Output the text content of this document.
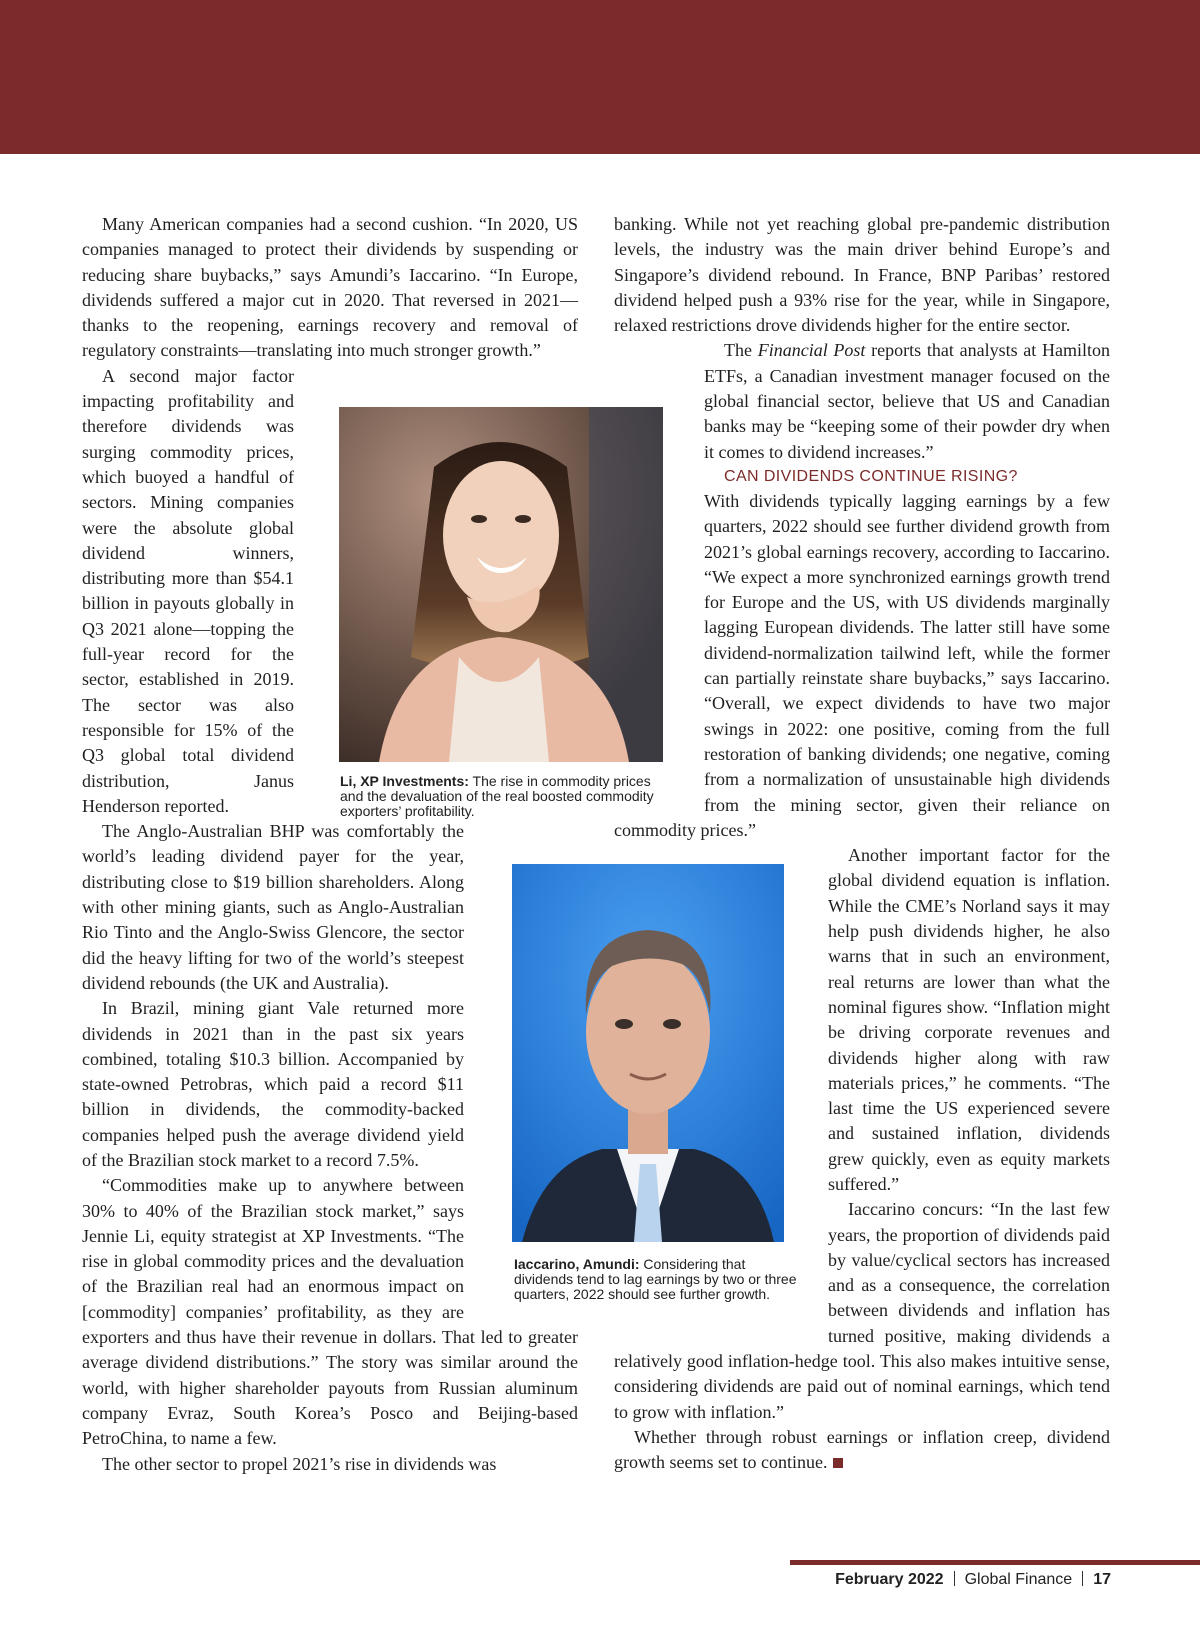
Many American companies had a second cushion. “In 2020, US companies managed to protect their dividends by suspending or reducing share buybacks,” says Amundi’s Iaccarino. “In Europe, dividends suffered a major cut in 2020. That reversed in 2021—thanks to the reopening, earnings recovery and removal of regulatory constraints—translating into much stronger growth.”

A second major factor impacting profitability and therefore dividends was surging commodity prices, which buoyed a handful of sectors. Mining companies were the absolute global dividend winners, distributing more than $54.1 billion in payouts globally in Q3 2021 alone—topping the full-year record for the sector, established in 2019. The sector was also responsible for 15% of the Q3 global total dividend distribution, Janus Henderson reported.

The Anglo-Australian BHP was comfortably the world’s leading dividend payer for the year, distributing close to $19 billion shareholders. Along with other mining giants, such as Anglo-Australian Rio Tinto and the Anglo-Swiss Glencore, the sector did the heavy lifting for two of the world’s steepest dividend rebounds (the UK and Australia).

In Brazil, mining giant Vale returned more dividends in 2021 than in the past six years combined, totaling $10.3 billion. Accompanied by state-owned Petrobras, which paid a record $11 billion in dividends, the commodity-backed companies helped push the average dividend yield of the Brazilian stock market to a record 7.5%.

“Commodities make up to anywhere between 30% to 40% of the Brazilian stock market,” says Jennie Li, equity strategist at XP Investments. “The rise in global commodity prices and the devaluation of the Brazilian real had an enormous impact on [commodity] companies’ profitability, as they are exporters and thus have their revenue in dollars. That led to greater average dividend distributions.” The story was similar around the world, with higher shareholder payouts from Russian aluminum company Evraz, South Korea’s Posco and Beijing-based PetroChina, to name a few.

The other sector to propel 2021’s rise in dividends was

banking. While not yet reaching global pre-pandemic distribution levels, the industry was the main driver behind Europe’s and Singapore’s dividend rebound. In France, BNP Paribas’ restored dividend helped push a 93% rise for the year, while in Singapore, relaxed restrictions drove dividends higher for the entire sector.

The Financial Post reports that analysts at Hamilton ETFs, a Canadian investment manager focused on the global financial sector, believe that US and Canadian banks may be “keeping some of their powder dry when it comes to dividend increases.”

CAN DIVIDENDS CONTINUE RISING?

With dividends typically lagging earnings by a few quarters, 2022 should see further dividend growth from 2021’s global earnings recovery, according to Iaccarino. “We expect a more synchronized earnings growth trend for Europe and the US, with US dividends marginally lagging European dividends. The latter still have some dividend-normalization tailwind left, while the former can partially reinstate share buybacks,” says Iaccarino. “Overall, we expect dividends to have two major swings in 2022: one positive, coming from the full restoration of banking dividends; one negative, coming from a normalization of unsustainable high dividends from the mining sector, given their reliance on commodity prices.”

Another important factor for the global dividend equation is inflation. While the CME’s Norland says it may help push dividends higher, he also warns that in such an environment, real returns are lower than what the nominal figures show. “Inflation might be driving corporate revenues and dividends higher along with raw materials prices,” he comments. “The last time the US experienced severe and sustained inflation, dividends grew quickly, even as equity markets suffered.”

Iaccarino concurs: “In the last few years, the proportion of dividends paid by value/cyclical sectors has increased and as a consequence, the correlation between dividends and inflation has turned positive, making dividends a relatively good inflation-hedge tool. This also makes intuitive sense, considering dividends are paid out of nominal earnings, which tend to grow with inflation.”

Whether through robust earnings or inflation creep, dividend growth seems set to continue.

Li, XP Investments: The rise in commodity prices and the devaluation of the real boosted commodity exporters’ profitability.
Iaccarino, Amundi: Considering that dividends tend to lag earnings by two or three quarters, 2022 should see further growth.
February 2022 Global Finance 17
